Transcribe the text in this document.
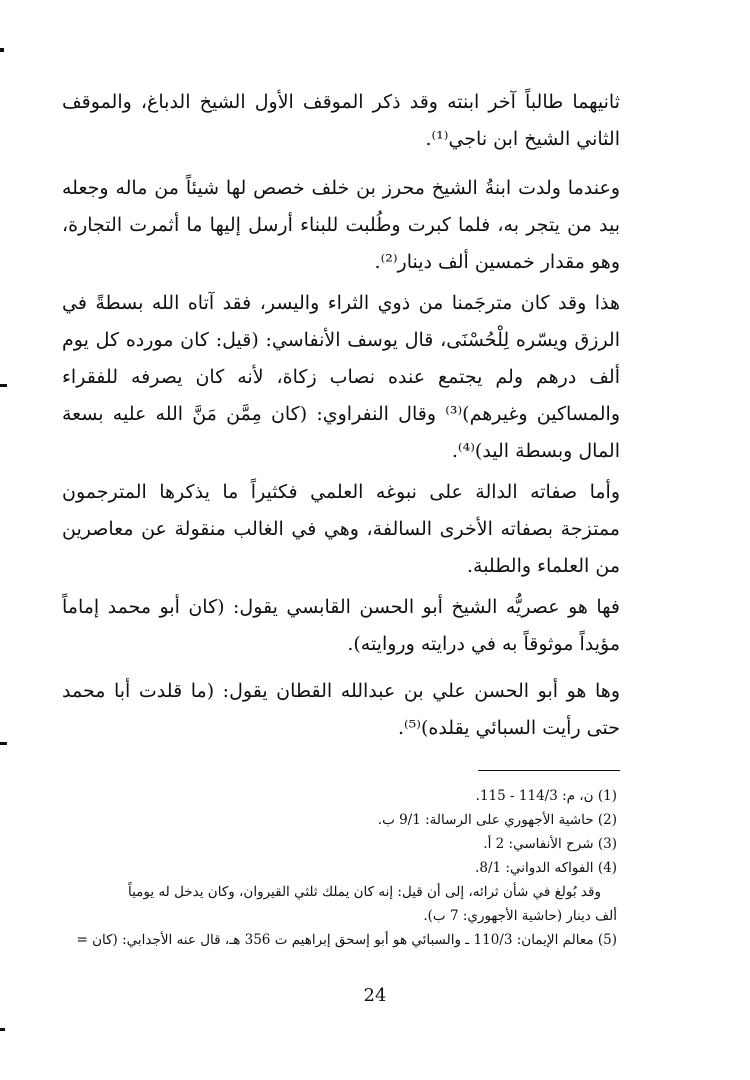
ثانيهما طالباً آخر ابنته وقد ذكر الموقف الأول الشيخ الدباغ، والموقف الثاني الشيخ ابن ناجي⁽¹⁾.

وعندما ولدت ابنةُ الشيخ محرز بن خلف خصص لها شيئاً من ماله وجعله بيد من يتجر به، فلما كبرت وطُلبت للبناء أرسل إليها ما أثمرت التجارة، وهو مقدار خمسين ألف دينار⁽²⁾.

هذا وقد كان مترجَمنا من ذوي الثراء واليسر، فقد آتاه الله بسطةً في الرزق ويسّره لِلْحُسْنَى، قال يوسف الأنفاسي: (قيل: كان مورده كل يوم ألف درهم ولم يجتمع عنده نصاب زكاة، لأنه كان يصرفه للفقراء والمساكين وغيرهم)⁽³⁾ وقال النفراوي: (كان مِمَّن مَنَّ الله عليه بسعة المال وبسطة اليد)⁽⁴⁾.

وأما صفاته الدالة على نبوغه العلمي فكثيراً ما يذكرها المترجمون ممتزجة بصفاته الأخرى السالفة، وهي في الغالب منقولة عن معاصرين من العلماء والطلبة.

فها هو عصريُّه الشيخ أبو الحسن القابسي يقول: (كان أبو محمد إماماً مؤيداً موثوقاً به في درايته وروايته).

وها هو أبو الحسن علي بن عبدالله القطان يقول: (ما قلدت أبا محمد حتى رأيت السبائي يقلده)⁽⁵⁾.

(1) ن، م: 114/3 - 115.
(2) حاشية الأجهوري على الرسالة: 9/1 ب.
(3) شرح الأنفاسي: 2 أ.
(4) الفواكه الدواني: 8/1.
وقد بُولغ في شأن ثرائه، إلى أن قيل: إنه كان يملك ثلثي القيروان، وكان يدخل له يومياً
ألف دينار (حاشية الأجهوري: 7 ب).
(5) معالم الإيمان: 110/3 ـ والسبائي هو أبو إسحق إبراهيم ت 356 هـ، قال عنه الأجدابي: (كان =
24
